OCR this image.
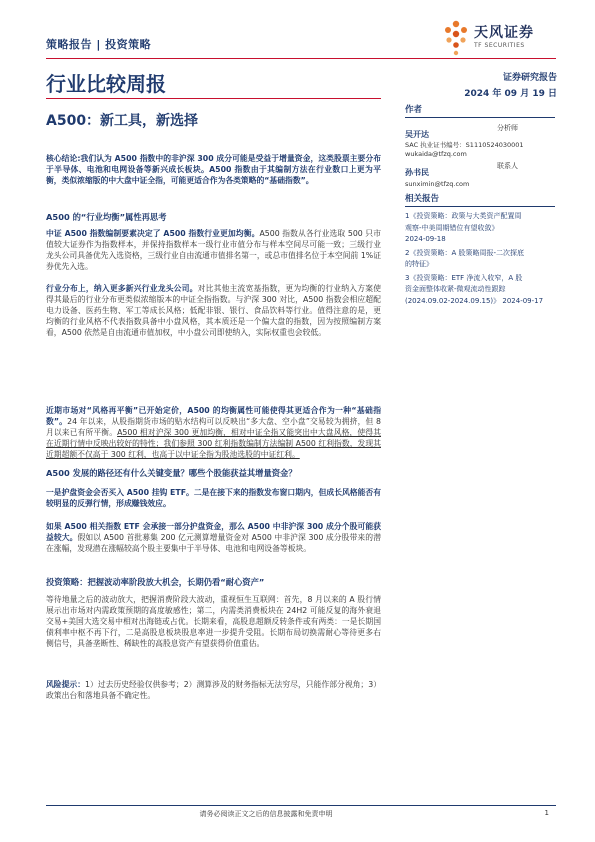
策略报告 | 投资策略
天风证券
TF SECURITIES
行业比较周报	证券研究报告
2024 年 09 月 19 日
A500：新工具，新选择
作者
吴开达
分析师
SAC 执业证书编号：S1110524030001
wukaida@tfzq.com
孙书民
联系人
sunximin@tfzq.com
相关报告
1《投资策略：政策与大类资产配置周
观察-中美周期错位有望收敛》
2024-09-18
2《投资策略：A 股策略周报-二次探底
的特征》
3《投资策略：ETF 净流入收窄，A 股
资金面整体收紧-微观流动性跟踪
(2024.09.02-2024.09.15)》 2024-09-17
核心结论:我们认为 A500 指数中的非沪深 300 成分可能是受益于增量资金，这类股票主要分布于半导体、电池和电网设备等新兴成长板块。A500 指数由于其编制方法在行业数口上更为平衡，类似浓缩版的中大盘中证全指，可能更适合作为各类策略的“基础指数”。
A500 的“行业均衡”属性再思考
中证 A500 指数编制要素决定了 A500 指数行业更加均衡。A500 指数从各行业选取 500 只市值较大证券作为指数样本，并保持指数样本一级行业市值分布与样本空间尽可能一致；三级行业龙头公司具备优先入选资格，三级行业自由流通市值排名第一，或总市值排名位于本空间前 1%证券优先入选。
行业分布上，纳入更多新兴行业龙头公司。对比其他主流宽基指数，更为均衡的行业纳入方案使得其最后的行业分布更类似浓缩版本的中证全指指数。与沪深 300 对比，A500 指数会相应超配电力设备、医药生物、军工等成长风格；低配非银、银行、食品饮料等行业。值得注意的是，更均衡的行业风格不代表指数具备中小盘风格，其本质还是一个偏大盘的指数，因为按照编制方案看，A500 依然是自由流通市值加权，中小盘公司即使纳入，实际权重也会较低。
近期市场对“风格再平衡”已开始定价，A500 的均衡属性可能使得其更适合作为一种“基础指数”。24 年以来，从股指期货市场的贴水结构可以反映出“多大盘、空小盘”交易较为拥挤，但 8 月以来已有所平衡。A500 相对沪深 300 更加均衡，相对中证全指又能突出中大盘风格，使得其在近期行情中反映出较好的特性；我们参照 300 红利指数编制方法编制 A500 红利指数，发现其近期超额不仅高于 300 红利，也高于以中证全指为股池选股的中证红利。
A500 发展的路径还有什么关键变量？哪些个股能获益其增量资金？
一是护盘资金会否买入 A500 挂钩 ETF。二是在接下来的指数发布窗口期内，但成长风格能否有较明显的反弹行情，形成赚钱效应。
如果 A500 相关指数 ETF 会承接一部分护盘资金，那么 A500 中非沪深 300 成分个股可能获益较大。假如以 A500 首批募集 200 亿元测算增量资金对 A500 中非沪深 300 成分股带来的潜在涨幅，发现潜在涨幅较高个股主要集中于半导体、电池和电网设备等板块。
投资策略：把握波动率阶段放大机会，长期仍看“耐心资产”
等待地量之后的波动放大，把握消费阶段大波动，重视恒生互联网：首先，8 月以来的 A 股行情展示出市场对内需政策预期的高度敏感性；第二，内需类消费板块在 24H2 可能反复的海外衰退交易+美国大选交易中相对出海链或占优。长期来看，高股息超额反转条件或有两类：一是长期国债利率中枢不再下行，二是高股息板块股息率进一步提升受阻。长期布局切换需耐心等待更多右侧信号，具备垄断性、稀缺性的高股息资产有望获得价值重估。
风险提示：1）过去历史经验仅供参考；2）测算涉及的财务指标无法穷尽，只能作部分视角；3）政策出台和落地具备不确定性。
请务必阅读正文之后的信息披露和免责申明	1
